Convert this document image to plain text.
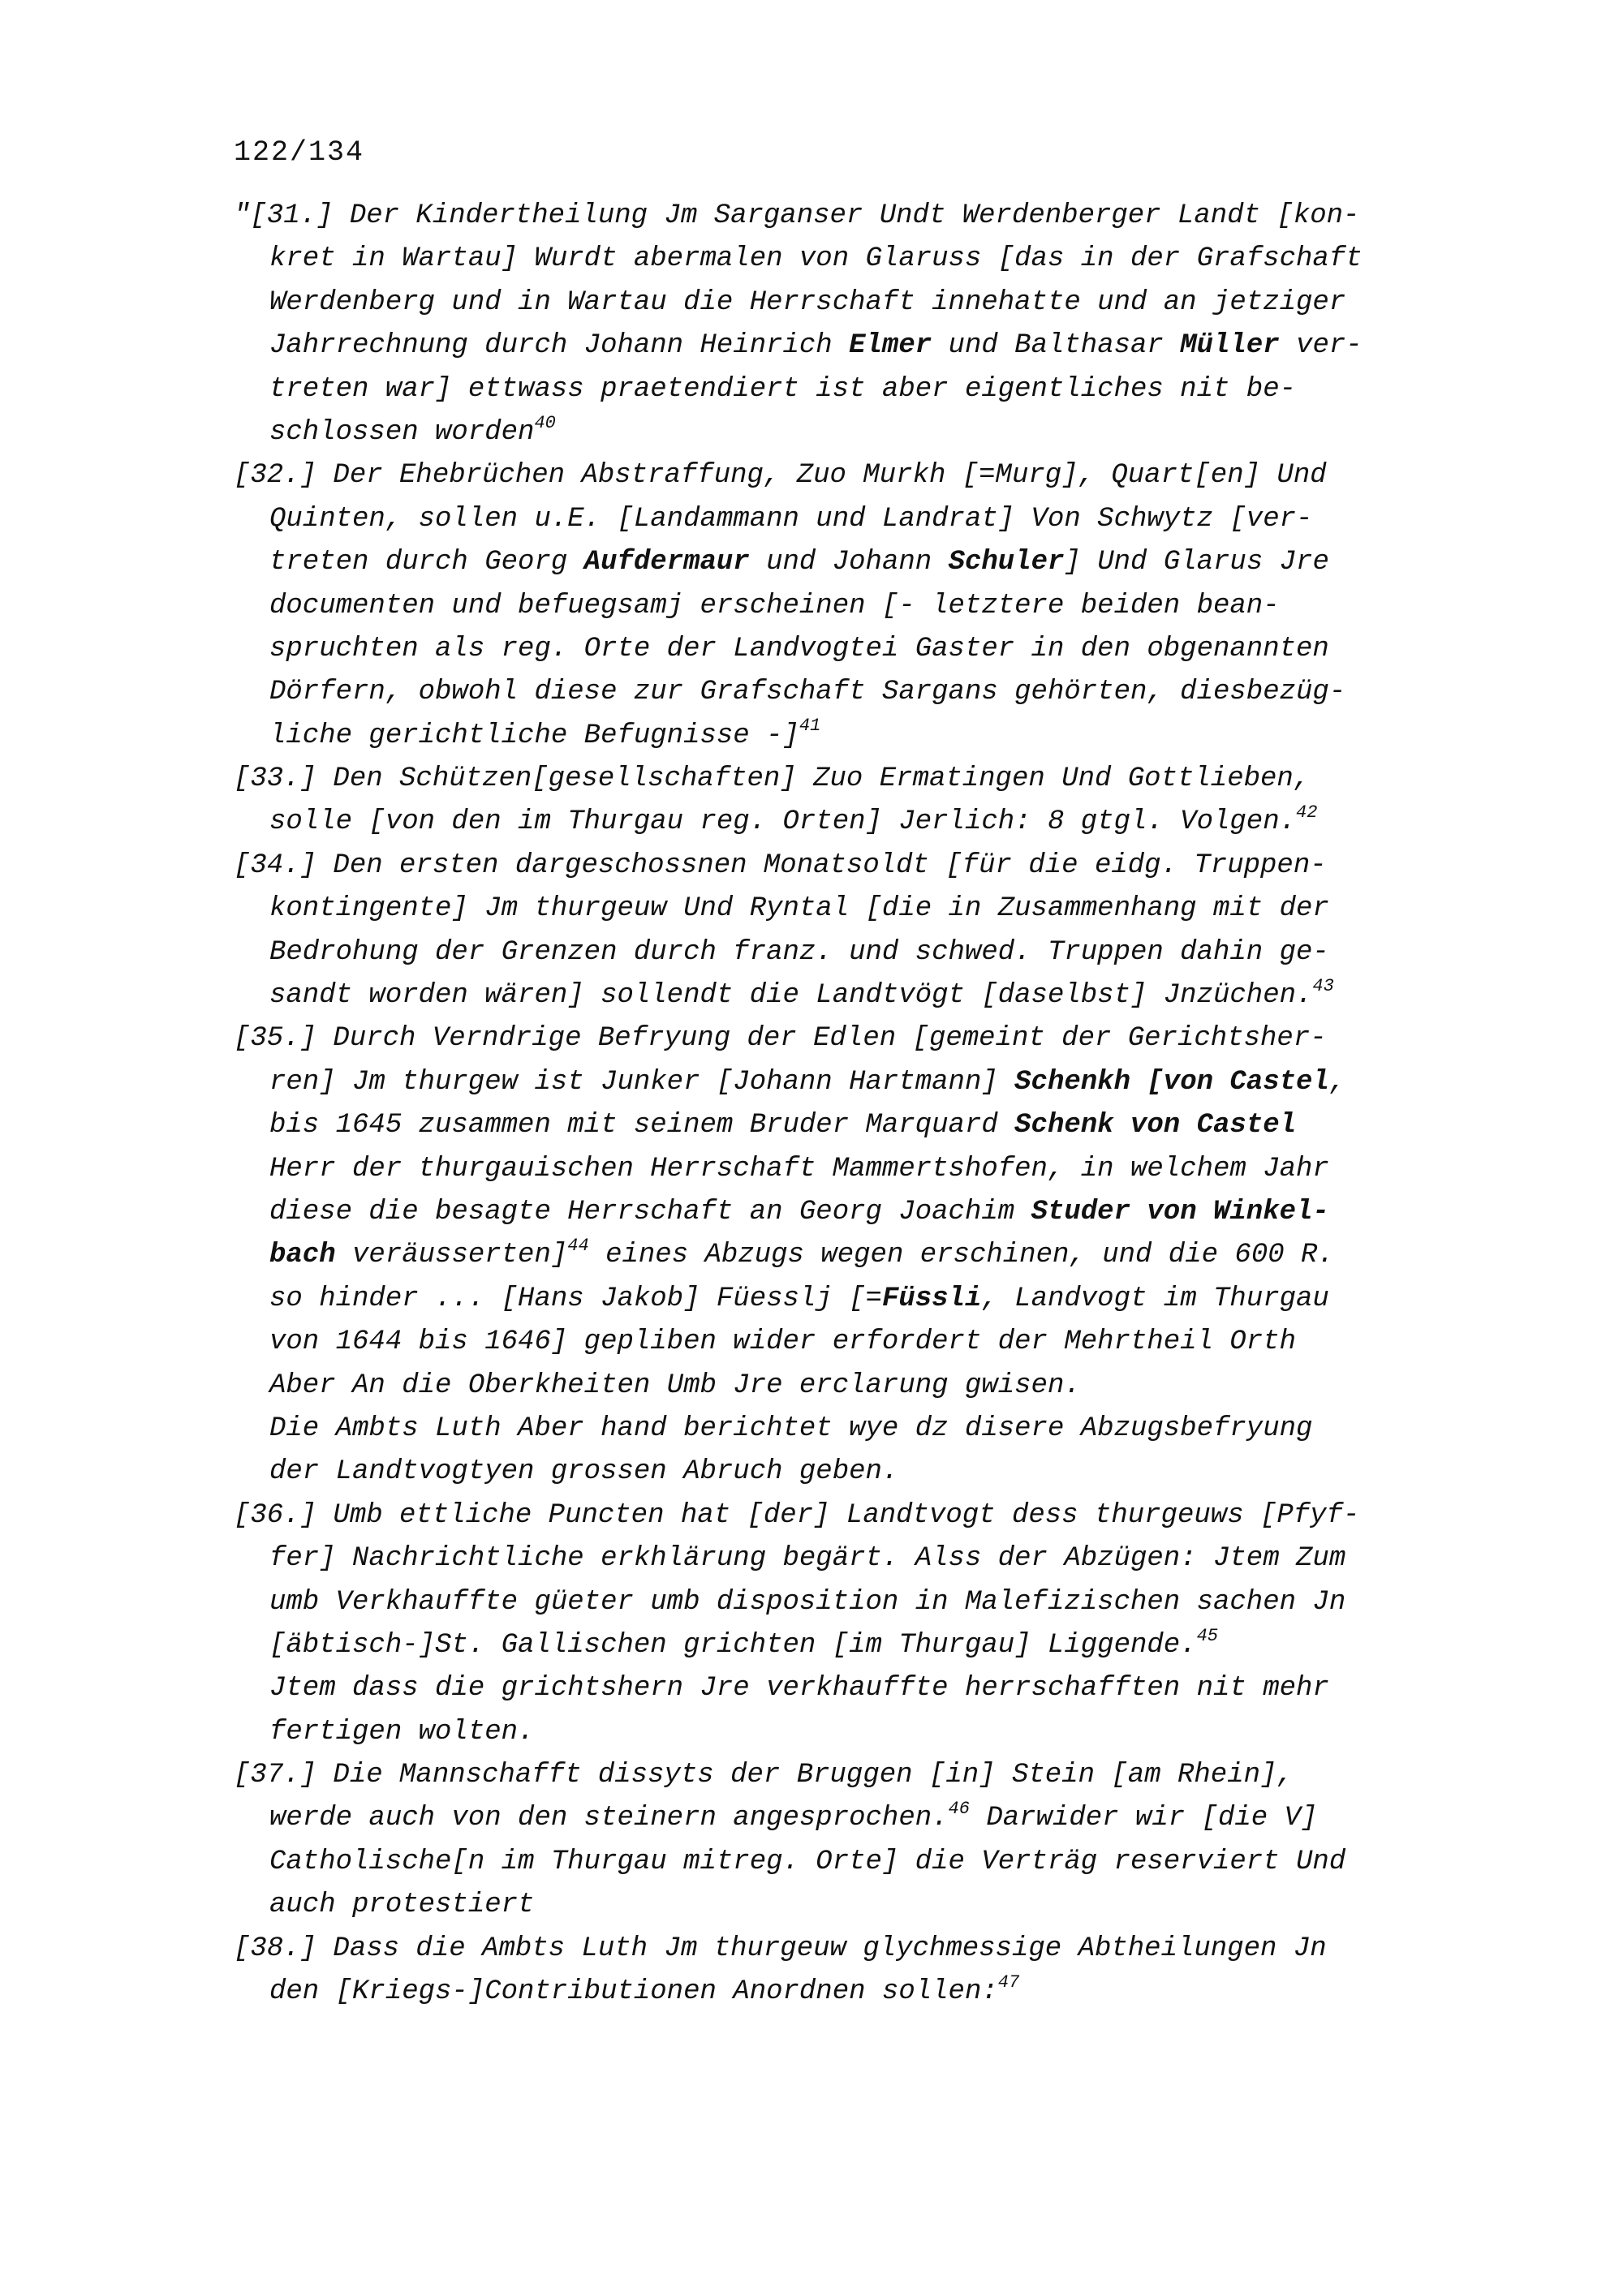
122/134
"[31.] Der Kindertheilung Jm Sarganser Undt Werdenberger Landt [kon-
kret in Wartau] Wurdt abermalen von Glaruss [das in der Grafschaft
Werdenberg und in Wartau die Herrschaft innehatte und an jetziger
Jahrrechnung durch Johann Heinrich Elmer und Balthasar Müller ver-
treten war] ettwass praetendiert ist aber eigentliches nit be-
schlossen worden$^{40}$
[32.] Der Ehebrüchen Abstraffung, Zuo Murkh [=Murg], Quart[en] Und
Quinten, sollen u.E. [Landammann und Landrat] Von Schwytz [ver-
treten durch Georg Aufdermaur und Johann Schuler] Und Glarus Jre
documenten und befuegsamj erscheinen [- letztere beiden bean-
spruchten als reg. Orte der Landvogtei Gaster in den obgenannten
Dörfern, obwohl diese zur Grafschaft Sargans gehörten, diesbezüg-
liche gerichtliche Befugnisse -]$^{41}$
[33.] Den Schützen[gesellschaften] Zuo Ermatingen Und Gottlieben,
solle [von den im Thurgau reg. Orten] Jerlich: 8 gtgl. Volgen.$^{42}$
[34.] Den ersten dargeschossnen Monatsoldt [für die eidg. Truppen-
kontingente] Jm thurgeuw Und Ryntal [die in Zusammenhang mit der
Bedrohung der Grenzen durch franz. und schwed. Truppen dahin ge-
sandt worden wären] sollendt die Landtvögt [daselbst] Jnzüchen.$^{43}$
[35.] Durch Verndrige Befryung der Edlen [gemeint der Gerichtsher-
ren] Jm thurgew ist Junker [Johann Hartmann] Schenkh [von Castel,
bis 1645 zusammen mit seinem Bruder Marquard Schenk von Castel
Herr der thurgauischen Herrschaft Mammertshofen, in welchem Jahr
diese die besagte Herrschaft an Georg Joachim Studer von Winkel-
bach veräusserten]$^{44}$ eines Abzugs wegen erschinen, und die 600 R.
so hinder ... [Hans Jakob] Füesslj [=Füssli, Landvogt im Thurgau
von 1644 bis 1646] gepliben wider erfordert der Mehrtheil Orth
Aber An die Oberkheiten Umb Jre erclarung gwisen.
Die Ambts Luth Aber hand berichtet wye dz disere Abzugsbefryung
der Landtvogtyen grossen Abruch geben.
[36.] Umb ettliche Puncten hat [der] Landtvogt dess thurgeuws [Pfyf-
fer] Nachrichtliche erkhlärung begärt. Alss der Abzügen: Jtem Zum
umb Verkhauffte güeter umb disposition in Malefizischen sachen Jn
[äbtisch-]St. Gallischen grichten [im Thurgau] Liggende.$^{45}$
Jtem dass die grichtshern Jre verkhauffte herrschafften nit mehr
fertigen wolten.
[37.] Die Mannschafft dissyts der Bruggen [in] Stein [am Rhein],
werde auch von den steinern angesprochen.$^{46}$ Darwider wir [die V]
Catholische[n im Thurgau mitreg. Orte] die Verträg reserviert Und
auch protestiert
[38.] Dass die Ambts Luth Jm thurgeuw glychmessige Abtheilungen Jn
den [Kriegs-]Contributionen Anordnen sollen:$^{47}$
